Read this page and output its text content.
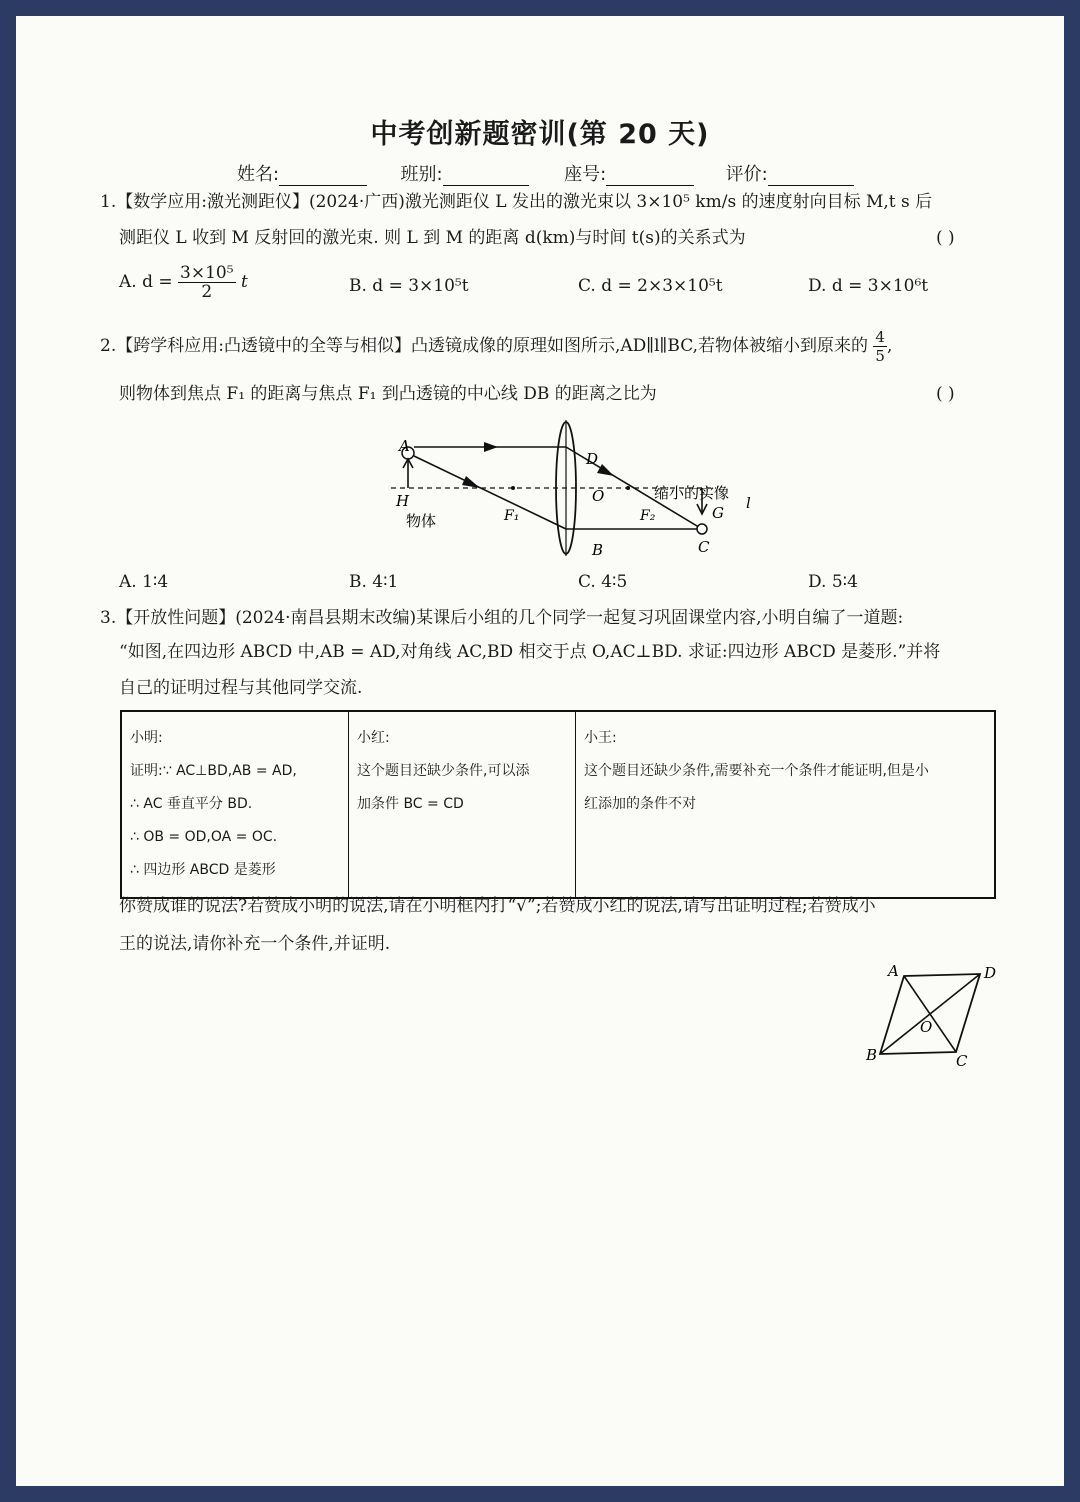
中考创新题密训(第 20 天)
姓名:	班别:	座号:	评价:
1.【数学应用:激光测距仪】(2024·广西)激光测距仪 L 发出的激光束以 3×10⁵ km/s 的速度射向目标 M,t s 后
测距仪 L 收到 M 反射回的激光束. 则 L 到 M 的距离 d(km)与时间 t(s)的关系式为	( )
A. $d = \frac{\text{3×10⁵}}{2}$ t	B. d = 3×10⁵t	C. d = 2×3×10⁵t	D. d = 3×10⁶t
2.【跨学科应用:凸透镜中的全等与相似】凸透镜成像的原理如图所示,AD∥l∥BC,若物体被缩小到原来的 $\frac{4}{5}$ ,
则物体到焦点 F₁ 的距离与焦点 F₁ 到凸透镜的中心线 DB 的距离之比为	( )
A
H
物体	F₁
D
O
B
F₂
缩小的实像
G
C
l
A. 1∶4	B. 4∶1	C. 4∶5	D. 5∶4
3.【开放性问题】(2024·南昌县期末改编)某课后小组的几个同学一起复习巩固课堂内容,小明自编了一道题:
“如图,在四边形 ABCD 中,AB = AD,对角线 AC,BD 相交于点 O,AC⊥BD. 求证:四边形 ABCD 是菱形.”并将
自己的证明过程与其他同学交流.
小明:
证明:∵ AC⊥BD,AB = AD,
∴ AC 垂直平分 BD.
∴ OB = OD,OA = OC.
∴ 四边形 ABCD 是菱形

小红:
这个题目还缺少条件,可以添
加条件 BC = CD

小王:
这个题目还缺少条件,需要补充一个条件才能证明,但是小
红添加的条件不对
你赞成谁的说法?若赞成小明的说法,请在小明框内打“√”;若赞成小红的说法,请写出证明过程;若赞成小
王的说法,请你补充一个条件,并证明.
A	D
O
B	C
